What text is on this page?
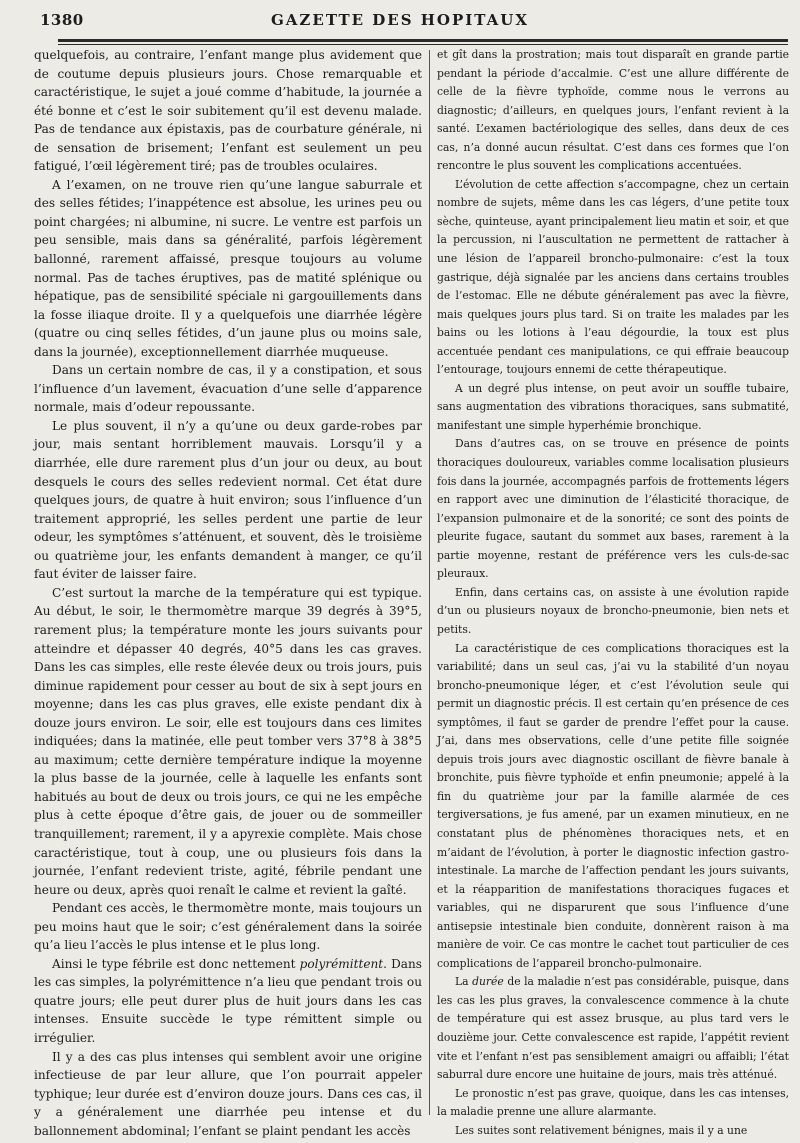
1380	GAZETTE DES HOPITAUX

quelquefois, au contraire, l’enfant mange plus avidement que de coutume depuis plusieurs jours. Chose remarquable et caractéristique, le sujet a joué comme d’habitude, la journée a été bonne et c’est le soir subitement qu’il est devenu malade. Pas de tendance aux épistaxis, pas de courbature générale, ni de sensation de brisement; l’enfant est seulement un peu fatigué, l’œil légèrement tiré; pas de troubles oculaires.

A l’examen, on ne trouve rien qu’une langue saburrale et des selles fétides; l’inappétence est absolue, les urines peu ou point chargées; ni albumine, ni sucre. Le ventre est parfois un peu sensible, mais dans sa généralité, parfois légèrement ballonné, rarement affaissé, presque toujours au volume normal. Pas de taches éruptives, pas de matité splénique ou hépatique, pas de sensibilité spéciale ni gargouillements dans la fosse iliaque droite. Il y a quelquefois une diarrhée légère (quatre ou cinq selles fétides, d’un jaune plus ou moins sale, dans la journée), exceptionnellement diarrhée muqueuse.

Dans un certain nombre de cas, il y a constipation, et sous l’influence d’un lavement, évacuation d’une selle d’apparence normale, mais d’odeur repoussante.

Le plus souvent, il n’y a qu’une ou deux garde-robes par jour, mais sentant horriblement mauvais. Lorsqu’il y a diarrhée, elle dure rarement plus d’un jour ou deux, au bout desquels le cours des selles redevient normal. Cet état dure quelques jours, de quatre à huit environ; sous l’influence d’un traitement approprié, les selles perdent une partie de leur odeur, les symptômes s’atténuent, et souvent, dès le troisième ou quatrième jour, les enfants demandent à manger, ce qu’il faut éviter de laisser faire.

C’est surtout la marche de la température qui est typique. Au début, le soir, le thermomètre marque 39 degrés à 39°5, rarement plus; la température monte les jours suivants pour atteindre et dépasser 40 degrés, 40°5 dans les cas graves. Dans les cas simples, elle reste élevée deux ou trois jours, puis diminue rapidement pour cesser au bout de six à sept jours en moyenne; dans les cas plus graves, elle existe pendant dix à douze jours environ. Le soir, elle est toujours dans ces limites indiquées; dans la matinée, elle peut tomber vers 37°8 à 38°5 au maximum; cette dernière température indique la moyenne la plus basse de la journée, celle à laquelle les enfants sont habitués au bout de deux ou trois jours, ce qui ne les empêche plus à cette époque d’être gais, de jouer ou de sommeiller tranquillement; rarement, il y a apyrexie complète. Mais chose caractéristique, tout à coup, une ou plusieurs fois dans la journée, l’enfant redevient triste, agité, fébrile pendant une heure ou deux, après quoi renaît le calme et revient la gaîté.

Pendant ces accès, le thermomètre monte, mais toujours un peu moins haut que le soir; c’est généralement dans la soirée qu’a lieu l’accès le plus intense et le plus long.

Ainsi le type fébrile est donc nettement polyrémittent. Dans les cas simples, la polyrémittence n’a lieu que pendant trois ou quatre jours; elle peut durer plus de huit jours dans les cas intenses. Ensuite succède le type rémittent simple ou irrégulier.

Il y a des cas plus intenses qui semblent avoir une origine infectieuse de par leur allure, que l’on pourrait appeler typhique; leur durée est d’environ douze jours. Dans ces cas, il y a généralement une diarrhée peu intense et du ballonnement abdominal; l’enfant se plaint pendant les accès

et gît dans la prostration; mais tout disparaît en grande partie pendant la période d’accalmie. C’est une allure différente de celle de la fièvre typhoïde, comme nous le verrons au diagnostic; d’ailleurs, en quelques jours, l’enfant revient à la santé. L’examen bactériologique des selles, dans deux de ces cas, n’a donné aucun résultat. C’est dans ces formes que l’on rencontre le plus souvent les complications accentuées.

L’évolution de cette affection s’accompagne, chez un certain nombre de sujets, même dans les cas légers, d’une petite toux sèche, quinteuse, ayant principalement lieu matin et soir, et que la percussion, ni l’auscultation ne permettent de rattacher à une lésion de l’appareil broncho-pulmonaire: c’est la toux gastrique, déjà signalée par les anciens dans certains troubles de l’estomac. Elle ne débute généralement pas avec la fièvre, mais quelques jours plus tard. Si on traite les malades par les bains ou les lotions à l’eau dégourdie, la toux est plus accentuée pendant ces manipulations, ce qui effraie beaucoup l’entourage, toujours ennemi de cette thérapeutique.

A un degré plus intense, on peut avoir un souffle tubaire, sans augmentation des vibrations thoraciques, sans submatité, manifestant une simple hyperhémie bronchique.

Dans d’autres cas, on se trouve en présence de points thoraciques douloureux, variables comme localisation plusieurs fois dans la journée, accompagnés parfois de frottements légers en rapport avec une diminution de l’élasticité thoracique, de l’expansion pulmonaire et de la sonorité; ce sont des points de pleurite fugace, sautant du sommet aux bases, rarement à la partie moyenne, restant de préférence vers les culs-de-sac pleuraux.

Enfin, dans certains cas, on assiste à une évolution rapide d’un ou plusieurs noyaux de broncho-pneumonie, bien nets et petits.

La caractéristique de ces complications thoraciques est la variabilité; dans un seul cas, j’ai vu la stabilité d’un noyau broncho-pneumonique léger, et c’est l’évolution seule qui permit un diagnostic précis. Il est certain qu’en présence de ces symptômes, il faut se garder de prendre l’effet pour la cause. J’ai, dans mes observations, celle d’une petite fille soignée depuis trois jours avec diagnostic oscillant de fièvre banale à bronchite, puis fièvre typhoïde et enfin pneumonie; appelé à la fin du quatrième jour par la famille alarmée de ces tergiversations, je fus amené, par un examen minutieux, en ne constatant plus de phénomènes thoraciques nets, et en m’aidant de l’évolution, à porter le diagnostic infection gastro-intestinale. La marche de l’affection pendant les jours suivants, et la réapparition de manifestations thoraciques fugaces et variables, qui ne disparurent que sous l’influence d’une antisepsie intestinale bien conduite, donnèrent raison à ma manière de voir. Ce cas montre le cachet tout particulier de ces complications de l’appareil broncho-pulmonaire.

La durée de la maladie n’est pas considérable, puisque, dans les cas les plus graves, la convalescence commence à la chute de température qui est assez brusque, au plus tard vers le douzième jour. Cette convalescence est rapide, l’appétit revient vite et l’enfant n’est pas sensiblement amaigri ou affaibli; l’état saburral dure encore une huitaine de jours, mais très atténué.

Le pronostic n’est pas grave, quoique, dans les cas intenses, la maladie prenne une allure alarmante.

Les suites sont relativement bénignes, mais il y a une
